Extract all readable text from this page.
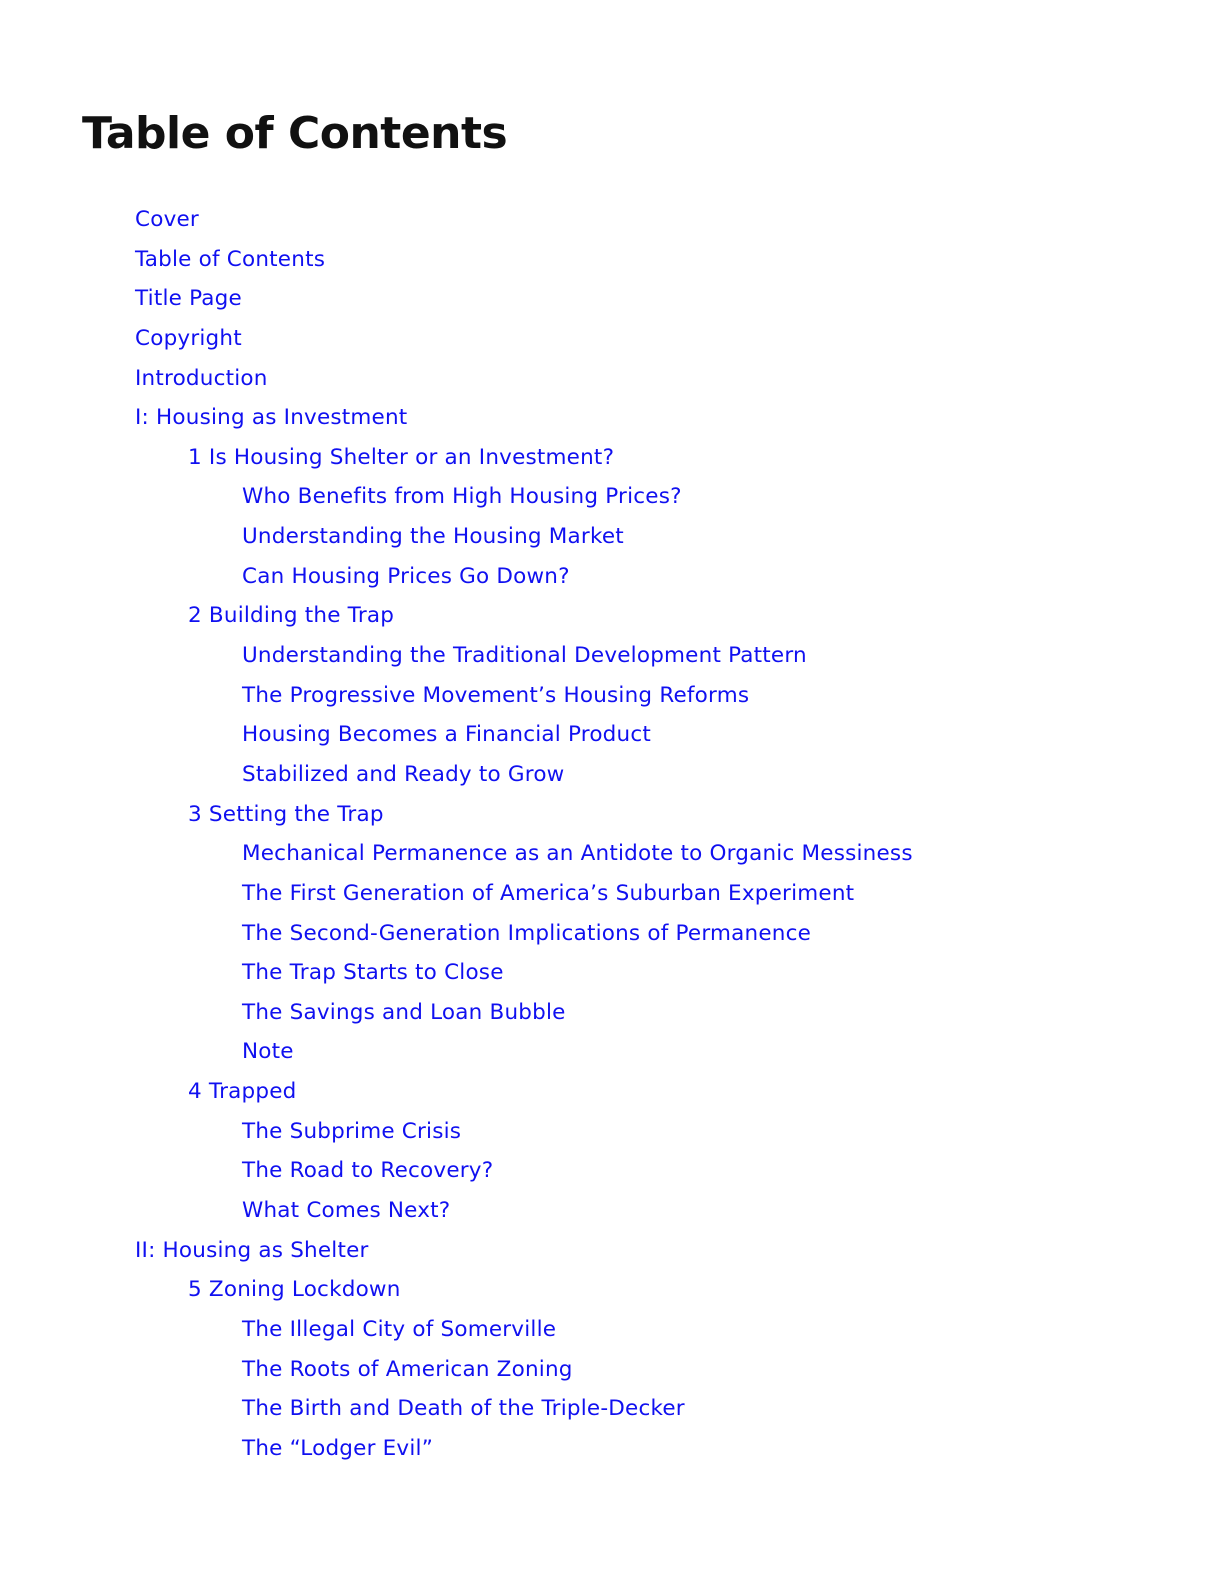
Table of Contents
Cover
Table of Contents
Title Page
Copyright
Introduction
I: Housing as Investment
1 Is Housing Shelter or an Investment?
Who Benefits from High Housing Prices?
Understanding the Housing Market
Can Housing Prices Go Down?
2 Building the Trap
Understanding the Traditional Development Pattern
The Progressive Movement’s Housing Reforms
Housing Becomes a Financial Product
Stabilized and Ready to Grow
3 Setting the Trap
Mechanical Permanence as an Antidote to Organic Messiness
The First Generation of America’s Suburban Experiment
The Second-Generation Implications of Permanence
The Trap Starts to Close
The Savings and Loan Bubble
Note
4 Trapped
The Subprime Crisis
The Road to Recovery?
What Comes Next?
II: Housing as Shelter
5 Zoning Lockdown
The Illegal City of Somerville
The Roots of American Zoning
The Birth and Death of the Triple-Decker
The “Lodger Evil”
